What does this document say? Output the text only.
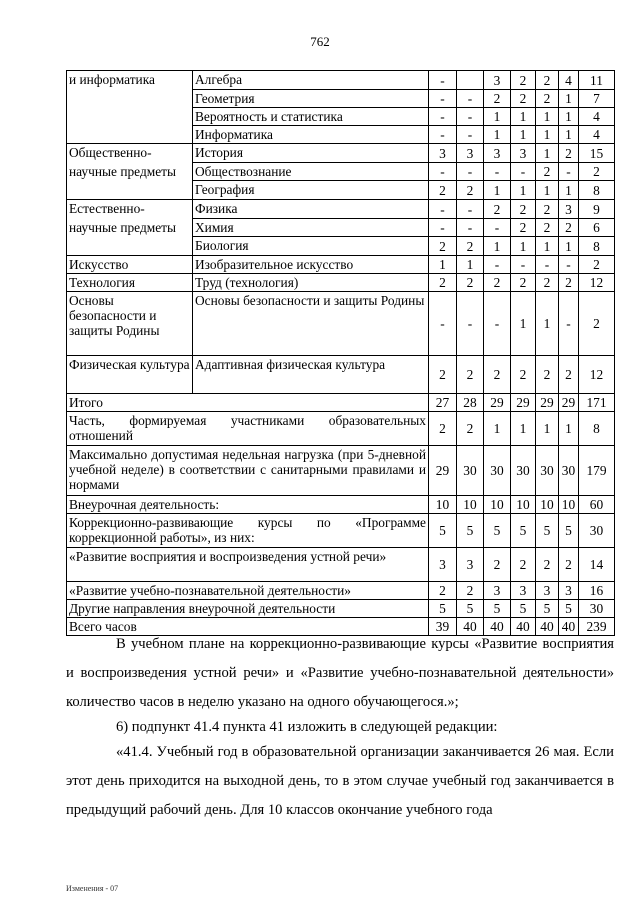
762
и информатика	Алгебра	-		3	2	2	4	11
	Геометрия	-	-	2	2	2	1	7
	Вероятность и статистика	-	-	1	1	1	1	4
	Информатика	-	-	1	1	1	1	4
Общественно-	История	3	3	3	3	1	2	15
научные предметы	Обществознание	-	-	-	-	2	-	2
	География	2	2	1	1	1	1	8
Естественно-	Физика	-	-	2	2	2	3	9
научные предметы	Химия	-	-	-	2	2	2	6
	Биология	2	2	1	1	1	1	8
Искусство	Изобразительное искусство	1	1	-	-	-	-	2
Технология	Труд (технология)	2	2	2	2	2	2	12
Основы безопасности и защиты Родины	Основы безопасности и защиты Родины	-	-	-	1	1	-	2
Физическая культура	Адаптивная физическая культура	2	2	2	2	2	2	12
Итого		27	28	29	29	29	29	171
Часть, формируемая участниками образовательных отношений		2	2	1	1	1	1	8
Максимально допустимая недельная нагрузка (при 5-дневной учебной неделе) в соответствии с санитарными правилами и нормами		29	30	30	30	30	30	179
Внеурочная деятельность:		10	10	10	10	10	10	60
Коррекционно-развивающие курсы по «Программе коррекционной работы», из них:		5	5	5	5	5	5	30
«Развитие восприятия и воспроизведения устной речи»		3	3	2	2	2	2	14
«Развитие учебно-познавательной деятельности»		2	2	3	3	3	3	16
Другие направления внеурочной деятельности		5	5	5	5	5	5	30
Всего часов		39	40	40	40	40	40	239

В учебном плане на коррекционно-развивающие курсы «Развитие восприятия и воспроизведения устной речи» и «Развитие учебно-познавательной деятельности» количество часов в неделю указано на одного обучающегося.»;

6) подпункт 41.4 пункта 41 изложить в следующей редакции:

«41.4. Учебный год в образовательной организации заканчивается 26 мая. Если этот день приходится на выходной день, то в этом случае учебный год заканчивается в предыдущий рабочий день. Для 10 классов окончание учебного года

Изменения - 07
